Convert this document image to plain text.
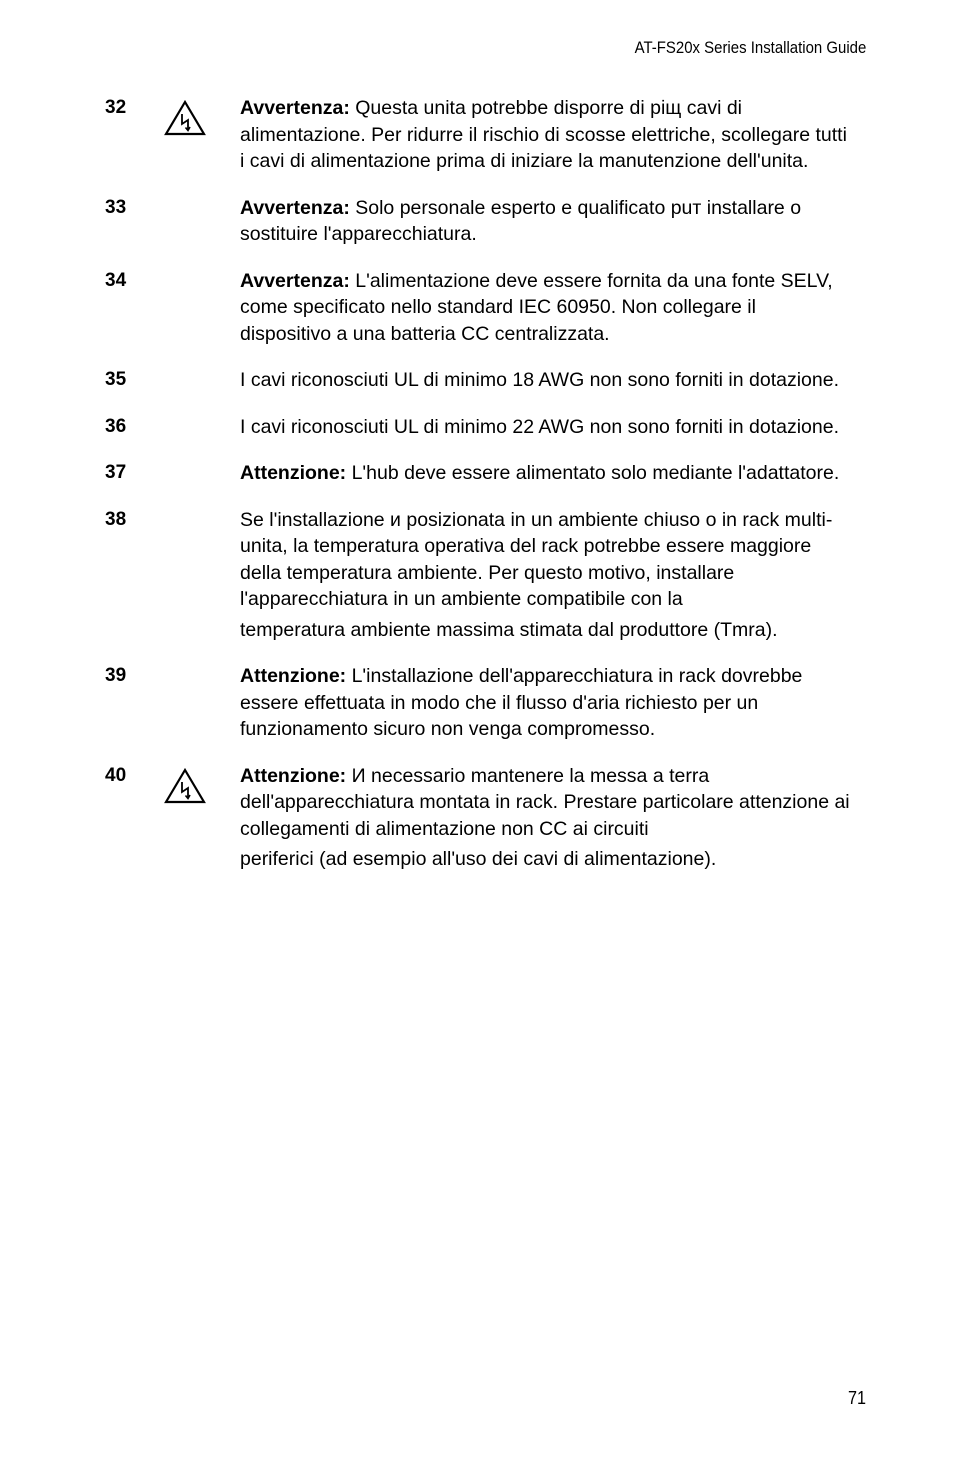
AT-FS20x Series Installation Guide
32	Avvertenza: Questa unita potrebbe disporre di ріщ cavi di alimentazione. Per ridurre il rischio di scosse elettriche, scollegare tutti i cavi di alimentazione prima di iniziare la manutenzione dell'unita.
33	Avvertenza: Solo personale esperto e qualificato puт installare o sostituire l'apparecchiatura.
34	Avvertenza: L'alimentazione deve essere fornita da una fonte SELV, come specificato nello standard IEC 60950. Non collegare il dispositivo a una batteria CC centralizzata.
35	I cavi riconosciuti UL di minimo 18 AWG non sono forniti in dotazione.
36	I cavi riconosciuti UL di minimo 22 AWG non sono forniti in dotazione.
37	Attenzione: L'hub deve essere alimentato solo mediante l'adattatore.
38	Se l'installazione и posizionata in un ambiente chiuso o in rack multi-unita, la temperatura operativa del rack potrebbe essere maggiore della temperatura ambiente. Per questo motivo, installare l'apparecchiatura in un ambiente compatibile con la
temperatura ambiente massima stimata dal produttore (Tmra).
39	Attenzione: L'installazione dell'apparecchiatura in rack dovrebbe essere effettuata in modo che il flusso d'aria richiesto per un funzionamento sicuro non venga compromesso.
40	Attenzione: И necessario mantenere la messa a terra dell'apparecchiatura montata in rack. Prestare particolare attenzione ai collegamenti di alimentazione non CC ai circuiti
periferici (ad esempio all'uso dei cavi di alimentazione).
71
